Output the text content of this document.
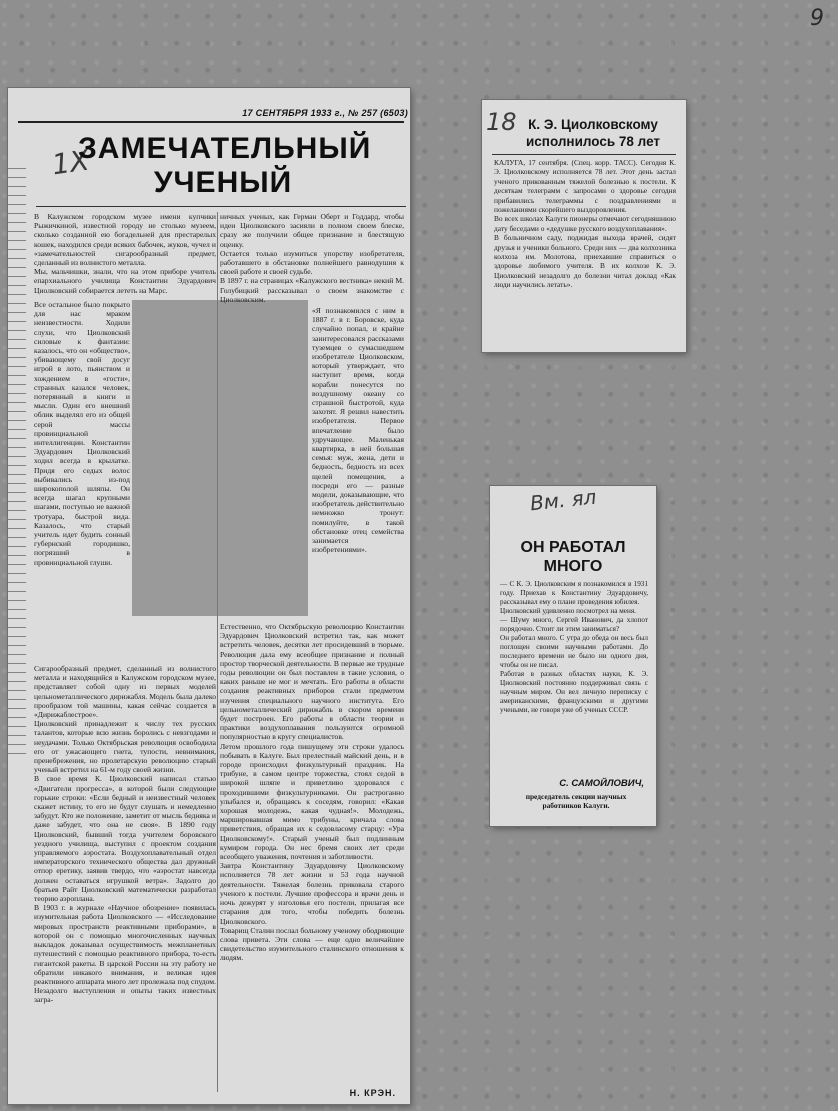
9
17 СЕНТЯБРЯ 1933 г., № 257 (6503)
1X
ЗАМЕЧАТЕЛЬНЫЙ УЧЕНЫЙ
В Калужском городском музее имени купчики Рыжичкиной, известной городу не столько музеем, сколько созданной ею богадельней для престарелых кошек, находился среди всяких бабочек, жуков, чучел и «замечательностей сигарообразный предмет, сделанный из волнистого металла.
Мы, мальчишки, знали, что на этом приборе учитель епархиального училища Константин Эдуардович Циолковский собирается лететь на Марс.
Все остальное было покрыто для нас мраком неизвестности. Ходили слухи, что Циолковский силовые к фантазии: казалось, что он «общество», убивающему свой досуг игрой в лото, пьянством и хождением в «гости», странных казался человек, потерянный в книги и мысли. Один его внешний облик выделял его из общей серой массы провинциальной интеллигенции. Константин Эдуардович Циолковский ходил всегда в крылатке. Придя его седых волос выбивались из-под широкополой шляпы. Он всегда шагал крупными шагами, поступью не важной тротуара, быстрой вида. Казалось, что старый учитель идет будить сонный губернский городишко, погрязший в провинциальной глуши.
Сигарообразный предмет, сделанный из волнистого металла и находящийся в Калужском городском музее, представляет собой одну из первых моделей цельнометаллического дирижабля. Модель была далеко прообразом той машины, какая сейчас создается в «Дирижаблестрое».
Циолковский принадлежит к числу тех русских талантов, которые всю жизнь боролись с невзгодами и неудачами. Только Октябрьская революция освободила его от ужасающего гнета, тупости, невнимания, пренебрежения, но пролетарскую революцию старый ученый встретил на 61-м году своей жизни.
В свое время К. Циолковский написал статью «Двигатели прогресса», в которой были следующие горькие строки: «Если бедный и неизвестный человек скажет истину, то его не будут слушать и немедленно забудут. Кто же положение, заметит от мысль бедняка и даже забудет, что она не своя». В 1890 году Циолковский, бывший тогда учителем боровского уездного училища, выступил с проектом создания управляемого аэростата. Воздухоплавательный отдел императорского технического общества дал дружный отпор еретику, заявив твердо, что «аэростат навсегда должен оставаться игрушкой ветра». Задолго до братьев Райт Циолковский математически разработал теорию аэроплана.
В 1903 г. в журнале «Научное обозрение» появилась изумительная работа Циолковского — «Исследование мировых пространств реактивными приборами», в которой он с помощью многочисленных научных выкладок доказывал осуществимость межпланетных путешествий с помощью реактивного прибора, то-есть гигантской ракеты. В царской России на эту работу не обратили никакого внимания, и великая идея реактивного аппарата много лет пролежала под спудом. Незадолго выступления и опыты таких известных загра-
ничных ученых, как Герман Оберт и Годдард, чтобы идеи Циолковского засияли в полном своем блеске, сразу же получили общее признание и блестящую оценку.
Остается только изумиться упорству изобретателя, работавшего в обстановке полнейшего равнодушия к своей работе и своей судьбе.
В 1897 г. на страницах «Калужского вестника» некий М. Голубицкий рассказывал о своем знакомстве с Циолковским.
«Я познакомился с ним в 1887 г. в г. Боровске, куда случайно попал, и крайне заинтересовался рассказами туземцев о сумасшедшем изобретателе Циолковском, который утверждает, что наступит время, когда корабли понесутся по воздушному океану со страшной быстротой, куда захотят. Я решил навестить изобретателя. Первое впечатление было удручающее. Маленькая квартирка, в ней большая семья: муж, жена, дети и бедность, бедность из всех щелей помещения, а посреди его — разные модели, доказывающие, что изобретатель действительно немножко тронут: помилуйте, в такой обстановке отец семейства занимается изобретениями».
Естественно, что Октябрьскую революцию Константин Эдуардович Циолковский встретил так, как может встретить человек, десятки лет просидевший в тюрьме. Революция дала ему всеобщее признание и полный простор творческой деятельности. В первые же трудные годы революции он был поставлен в такие условия, о каких раньше не мог и мечтать. Его работы в области создания реактивных приборов стали предметом изучения специального научного института. Его цельнометаллический дирижабль в скором времени будет построен. Его работы в области теории и практики воздухоплавания пользуются огромной популярностью в кругу специалистов.
Летом прошлого года пишущему эти строки удалось побывать в Калуге. Был прелестный майский день, и в городе происходил физкультурный праздник. На трибуне, в самом центре торжества, стоял седой в широкой шляпе и приветливо здоровался с проходившими физкультурниками. Он растроганно улыбался и, обращаясь к соседям, говорил: «Какая хорошая молодежь, какая чудная!». Молодежь, маршировавшая мимо трибуны, кричала слова приветствия, обращая их к седовласому старцу: «Ура Циолковскому!». Старый ученый был подлинным кумиром города. Он нес бремя своих лет среди всеобщего уважения, почтения и заботливости.
Завтра Константину Эдуардовичу Циолковскому исполняется 78 лет жизни и 53 года научной деятельности. Тяжелая болезнь приковала старого ученого к постели. Лучшие профессора и врачи день и ночь дежурят у изголовья его постели, прилагая все старания для того, чтобы победить болезнь Циолковского.
Товарищ Сталин послал больному ученому ободряющие слова привета. Эти слова — еще одно величайшее свидетельство изумительного сталинского отношения к людям.
Н. КРЭН.
18 К. Э. Циолковскому исполнилось 78 лет
КАЛУГА, 17 сентября. (Спец. корр. ТАСС). Сегодня К. Э. Циолковскому исполняется 78 лет. Этот день застал ученого прикованным тяжелой болезнью к постели. К десяткам телеграмм с запросами о здоровье сегодня прибавились телеграммы с поздравлениями и пожеланиями скорейшего выздоровления.
Во всех школах Калуги пионеры отмечают сегодняшнюю дату беседами о «дедушке русского воздухоплавания».
В больничном саду, поджидая выхода врачей, сидят друзья и ученики больного. Среди них — два колхозника колхоза им. Молотова, приехавшие справиться о здоровье любимого учителя. В их колхозе К. Э. Циолковский незадолго до болезни читал доклад «Как люди научились летать».
Вм. ял
ОН РАБОТАЛ МНОГО
— С К. Э. Циолковским я познакомился в 1931 году. Приехав к Константину Эдуардовичу, рассказывал ему о плане проведения юбилея.
Циолковский удивленно посмотрел на меня.
— Шуму много, Сергей Иванович, да хлопот порядочно. Стоит ли этим заниматься?
Он работал много. С утра до обеда он весь был поглощен своими научными работами. До последнего времени не было ни одного дня, чтобы он не писал.
Работая в разных областях науки, К. Э. Циолковский постоянно поддерживал связь с научным миром. Он вел личную переписку с американскими, французскими и другими учеными, не говоря уже об ученых СССР.
С. САМОЙЛОВИЧ,
председатель секции научных работников Калуги.
